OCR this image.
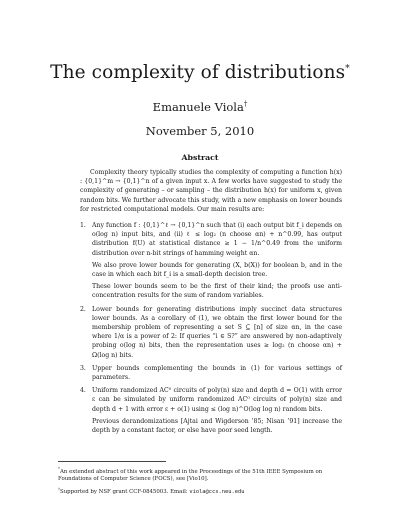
The complexity of distributions*
Emanuele Viola†
November 5, 2010
Abstract

Complexity theory typically studies the complexity of computing a function h(x) : {0,1}^m → {0,1}^n of a given input x. A few works have suggested to study the complexity of generating – or sampling – the distribution h(x) for uniform x, given random bits. We further advocate this study, with a new emphasis on lower bounds for restricted computational models. Our main results are:

1. Any function f : {0,1}^ℓ → {0,1}^n such that (i) each output bit f_i depends on o(log n) input bits, and (ii) ℓ ≤ log₂ (n choose αn) + n^0.99, has output distribution f(U) at statistical distance ≥ 1 − 1/n^0.49 from the uniform distribution over n-bit strings of hamming weight αn.

We also prove lower bounds for generating (X, b(X)) for boolean b, and in the case in which each bit f_i is a small-depth decision tree.

These lower bounds seem to be the first of their kind; the proofs use anti-concentration results for the sum of random variables.

2. Lower bounds for generating distributions imply succinct data structures lower bounds. As a corollary of (1), we obtain the first lower bound for the membership problem of representing a set S ⊆ [n] of size αn, in the case where 1/α is a power of 2: If queries “i ∈ S?” are answered by non-adaptively probing o(log n) bits, then the representation uses ≥ log₂ (n choose αn) + Ω(log n) bits.

3. Upper bounds complementing the bounds in (1) for various settings of parameters.

4. Uniform randomized AC⁰ circuits of poly(n) size and depth d = O(1) with error ε can be simulated by uniform randomized AC⁰ circuits of poly(n) size and depth d + 1 with error ε + o(1) using ≤ (log n)^O(log log n) random bits.

Previous derandomizations [Ajtai and Wigderson ’85; Nisan ’91] increase the depth by a constant factor, or else have poor seed length.

*An extended abstract of this work appeared in the Proceedings of the 51th IEEE Symposium on Foundations of Computer Science (FOCS), see [Vio10].

†Supported by NSF grant CCF-0845003. Email: viola@ccs.neu.edu
